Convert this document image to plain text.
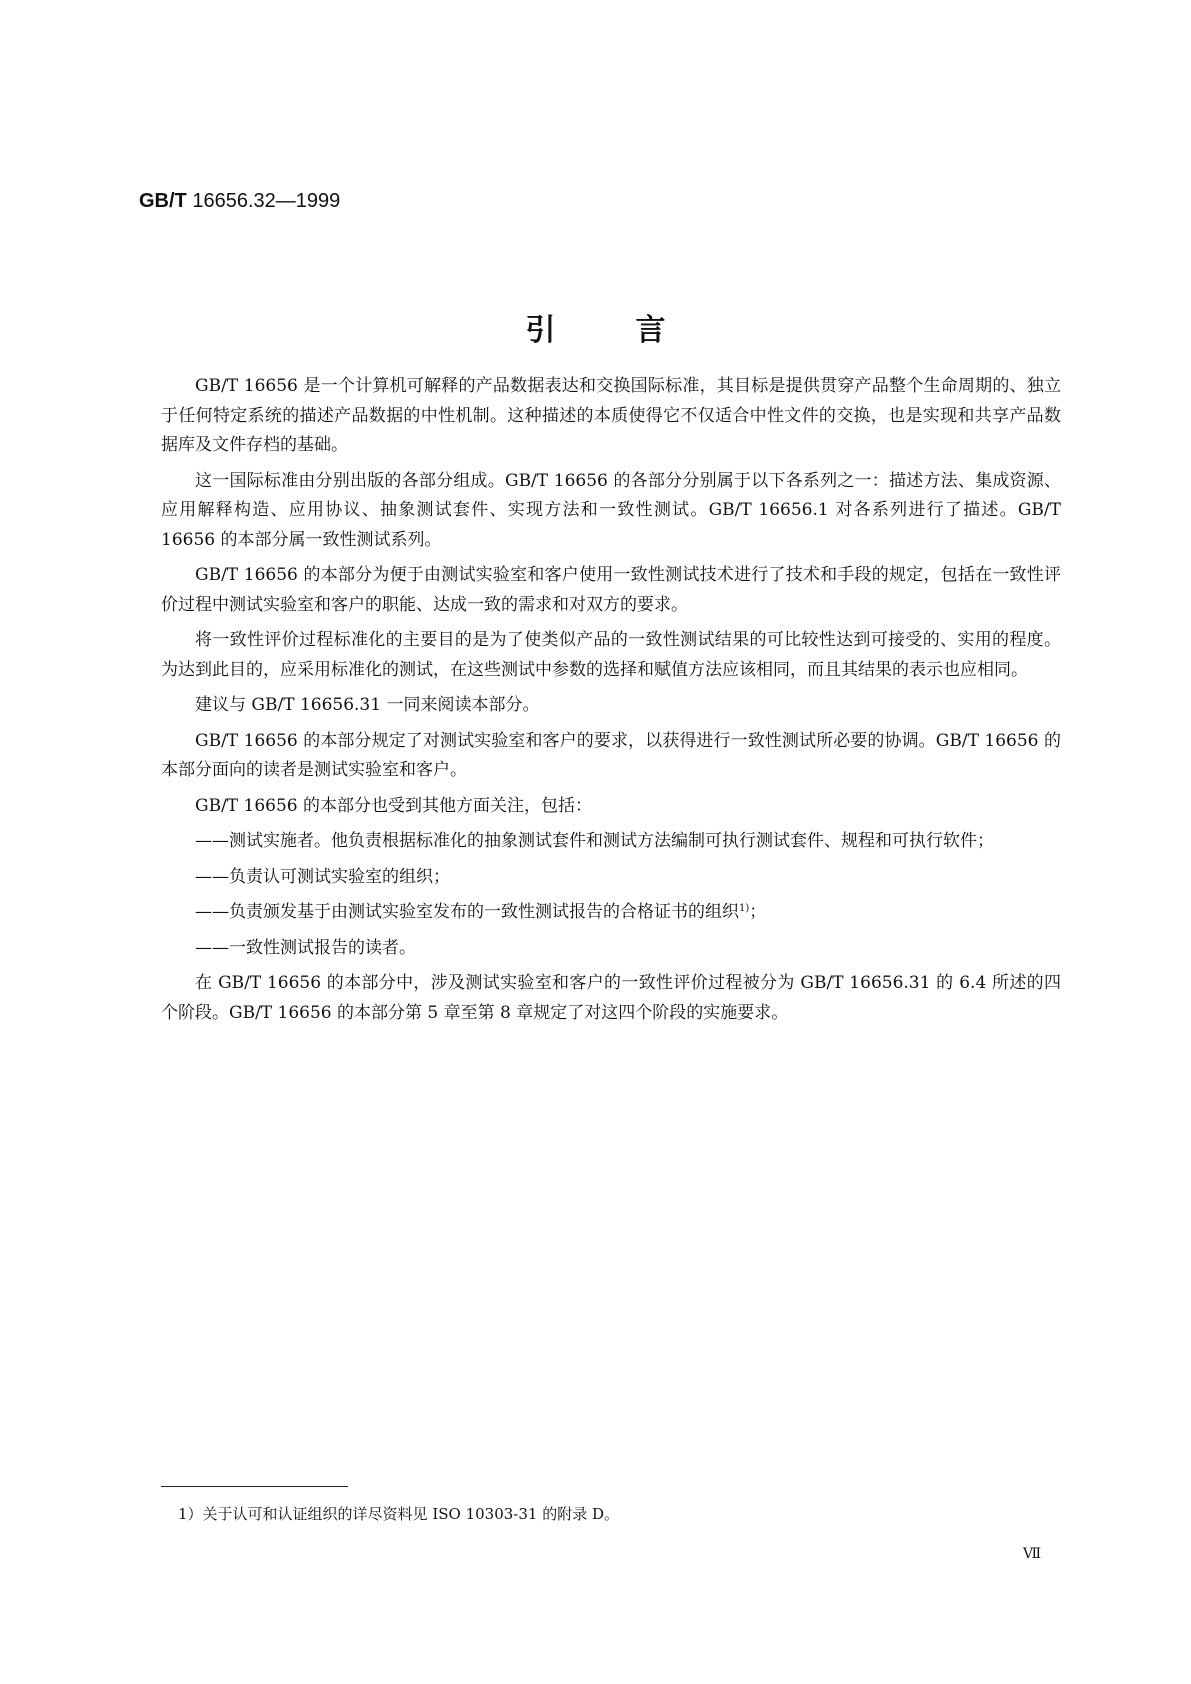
GB/T 16656.32—1999
引言

GB/T 16656 是一个计算机可解释的产品数据表达和交换国际标准，其目标是提供贯穿产品整个生命周期的、独立于任何特定系统的描述产品数据的中性机制。这种描述的本质使得它不仅适合中性文件的交换，也是实现和共享产品数据库及文件存档的基础。

这一国际标准由分别出版的各部分组成。GB/T 16656 的各部分分别属于以下各系列之一：描述方法、集成资源、应用解释构造、应用协议、抽象测试套件、实现方法和一致性测试。GB/T 16656.1 对各系列进行了描述。GB/T 16656 的本部分属一致性测试系列。

GB/T 16656 的本部分为便于由测试实验室和客户使用一致性测试技术进行了技术和手段的规定，包括在一致性评价过程中测试实验室和客户的职能、达成一致的需求和对双方的要求。

将一致性评价过程标准化的主要目的是为了使类似产品的一致性测试结果的可比较性达到可接受的、实用的程度。为达到此目的，应采用标准化的测试，在这些测试中参数的选择和赋值方法应该相同，而且其结果的表示也应相同。

建议与 GB/T 16656.31 一同来阅读本部分。

GB/T 16656 的本部分规定了对测试实验室和客户的要求，以获得进行一致性测试所必要的协调。GB/T 16656 的本部分面向的读者是测试实验室和客户。

GB/T 16656 的本部分也受到其他方面关注，包括：

——测试实施者。他负责根据标准化的抽象测试套件和测试方法编制可执行测试套件、规程和可执行软件；

——负责认可测试实验室的组织；

——负责颁发基于由测试实验室发布的一致性测试报告的合格证书的组织$^{1)}$；

——一致性测试报告的读者。

在 GB/T 16656 的本部分中，涉及测试实验室和客户的一致性评价过程被分为 GB/T 16656.31 的 6.4 所述的四个阶段。GB/T 16656 的本部分第 5 章至第 8 章规定了对这四个阶段的实施要求。

1）关于认可和认证组织的详尽资料见 ISO 10303-31 的附录 D。
Ⅶ
